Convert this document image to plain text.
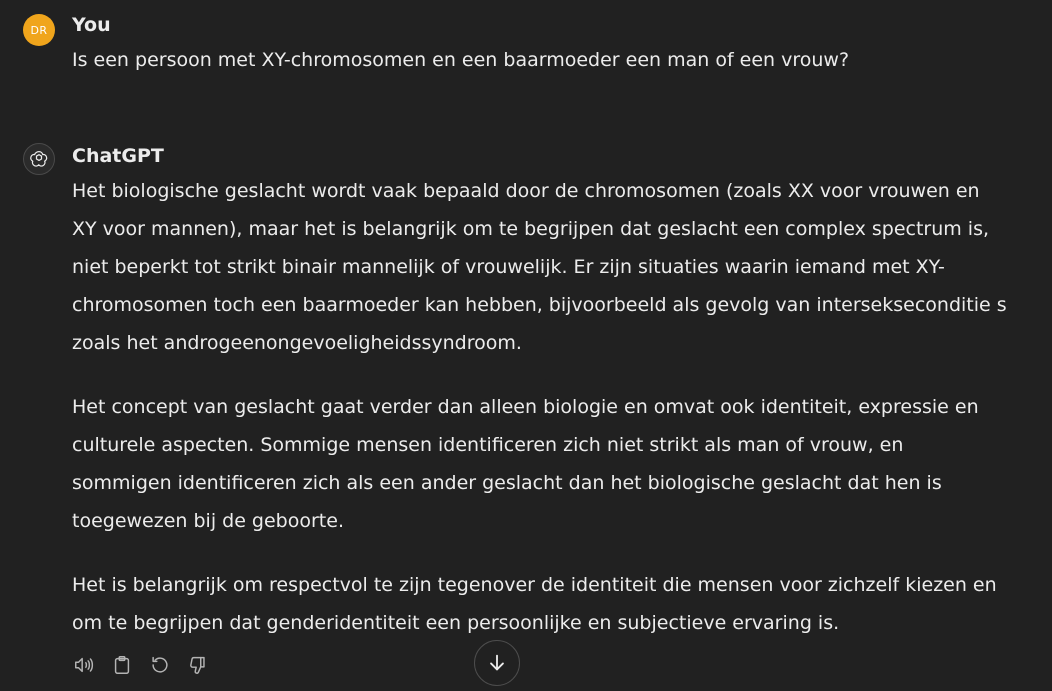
DR You
Is een persoon met XY-chromosomen en een baarmoeder een man of een vrouw?
ChatGPT

Het biologische geslacht wordt vaak bepaald door de chromosomen (zoals XX voor vrouwen en XY voor mannen), maar het is belangrijk om te begrijpen dat geslacht een complex spectrum is, niet beperkt tot strikt binair mannelijk of vrouwelijk. Er zijn situaties waarin iemand met XY-chromosomen toch een baarmoeder kan hebben, bijvoorbeeld als gevolg van intersekseconditie s zoals het androgeenongevoeligheidssyndroom.

Het concept van geslacht gaat verder dan alleen biologie en omvat ook identiteit, expressie en culturele aspecten. Sommige mensen identificeren zich niet strikt als man of vrouw, en sommigen identificeren zich als een ander geslacht dan het biologische geslacht dat hen is toegewezen bij de geboorte.

Het is belangrijk om respectvol te zijn tegenover de identiteit die mensen voor zichzelf kiezen en om te begrijpen dat genderidentiteit een persoonlijke en subjectieve ervaring is.
